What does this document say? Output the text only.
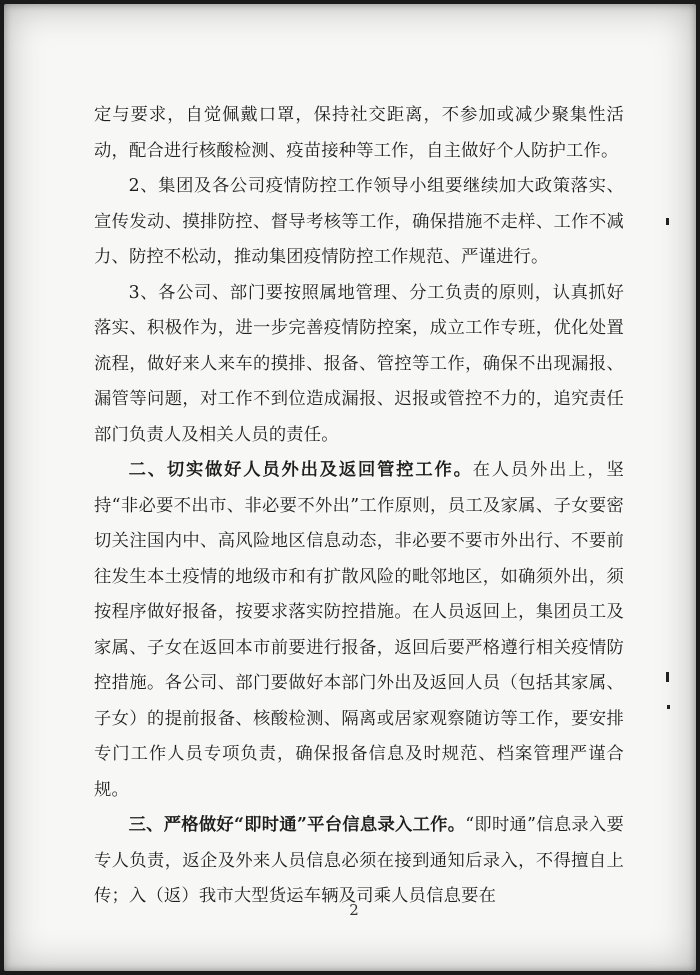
定与要求，自觉佩戴口罩，保持社交距离，不参加或减少聚集性活动，配合进行核酸检测、疫苗接种等工作，自主做好个人防护工作。

2、集团及各公司疫情防控工作领导小组要继续加大政策落实、宣传发动、摸排防控、督导考核等工作，确保措施不走样、工作不减力、防控不松动，推动集团疫情防控工作规范、严谨进行。

3、各公司、部门要按照属地管理、分工负责的原则，认真抓好落实、积极作为，进一步完善疫情防控案，成立工作专班，优化处置流程，做好来人来车的摸排、报备、管控等工作，确保不出现漏报、漏管等问题，对工作不到位造成漏报、迟报或管控不力的，追究责任部门负责人及相关人员的责任。

二、切实做好人员外出及返回管控工作。在人员外出上，坚持“非必要不出市、非必要不外出”工作原则，员工及家属、子女要密切关注国内中、高风险地区信息动态，非必要不要市外出行、不要前往发生本土疫情的地级市和有扩散风险的毗邻地区，如确须外出，须按程序做好报备，按要求落实防控措施。在人员返回上，集团员工及家属、子女在返回本市前要进行报备，返回后要严格遵行相关疫情防控措施。各公司、部门要做好本部门外出及返回人员（包括其家属、子女）的提前报备、核酸检测、隔离或居家观察随访等工作，要安排专门工作人员专项负责，确保报备信息及时规范、档案管理严谨合规。

三、严格做好“即时通”平台信息录入工作。“即时通”信息录入要专人负责，返企及外来人员信息必须在接到通知后录入，不得擅自上传；入（返）我市大型货运车辆及司乘人员信息要在

2
